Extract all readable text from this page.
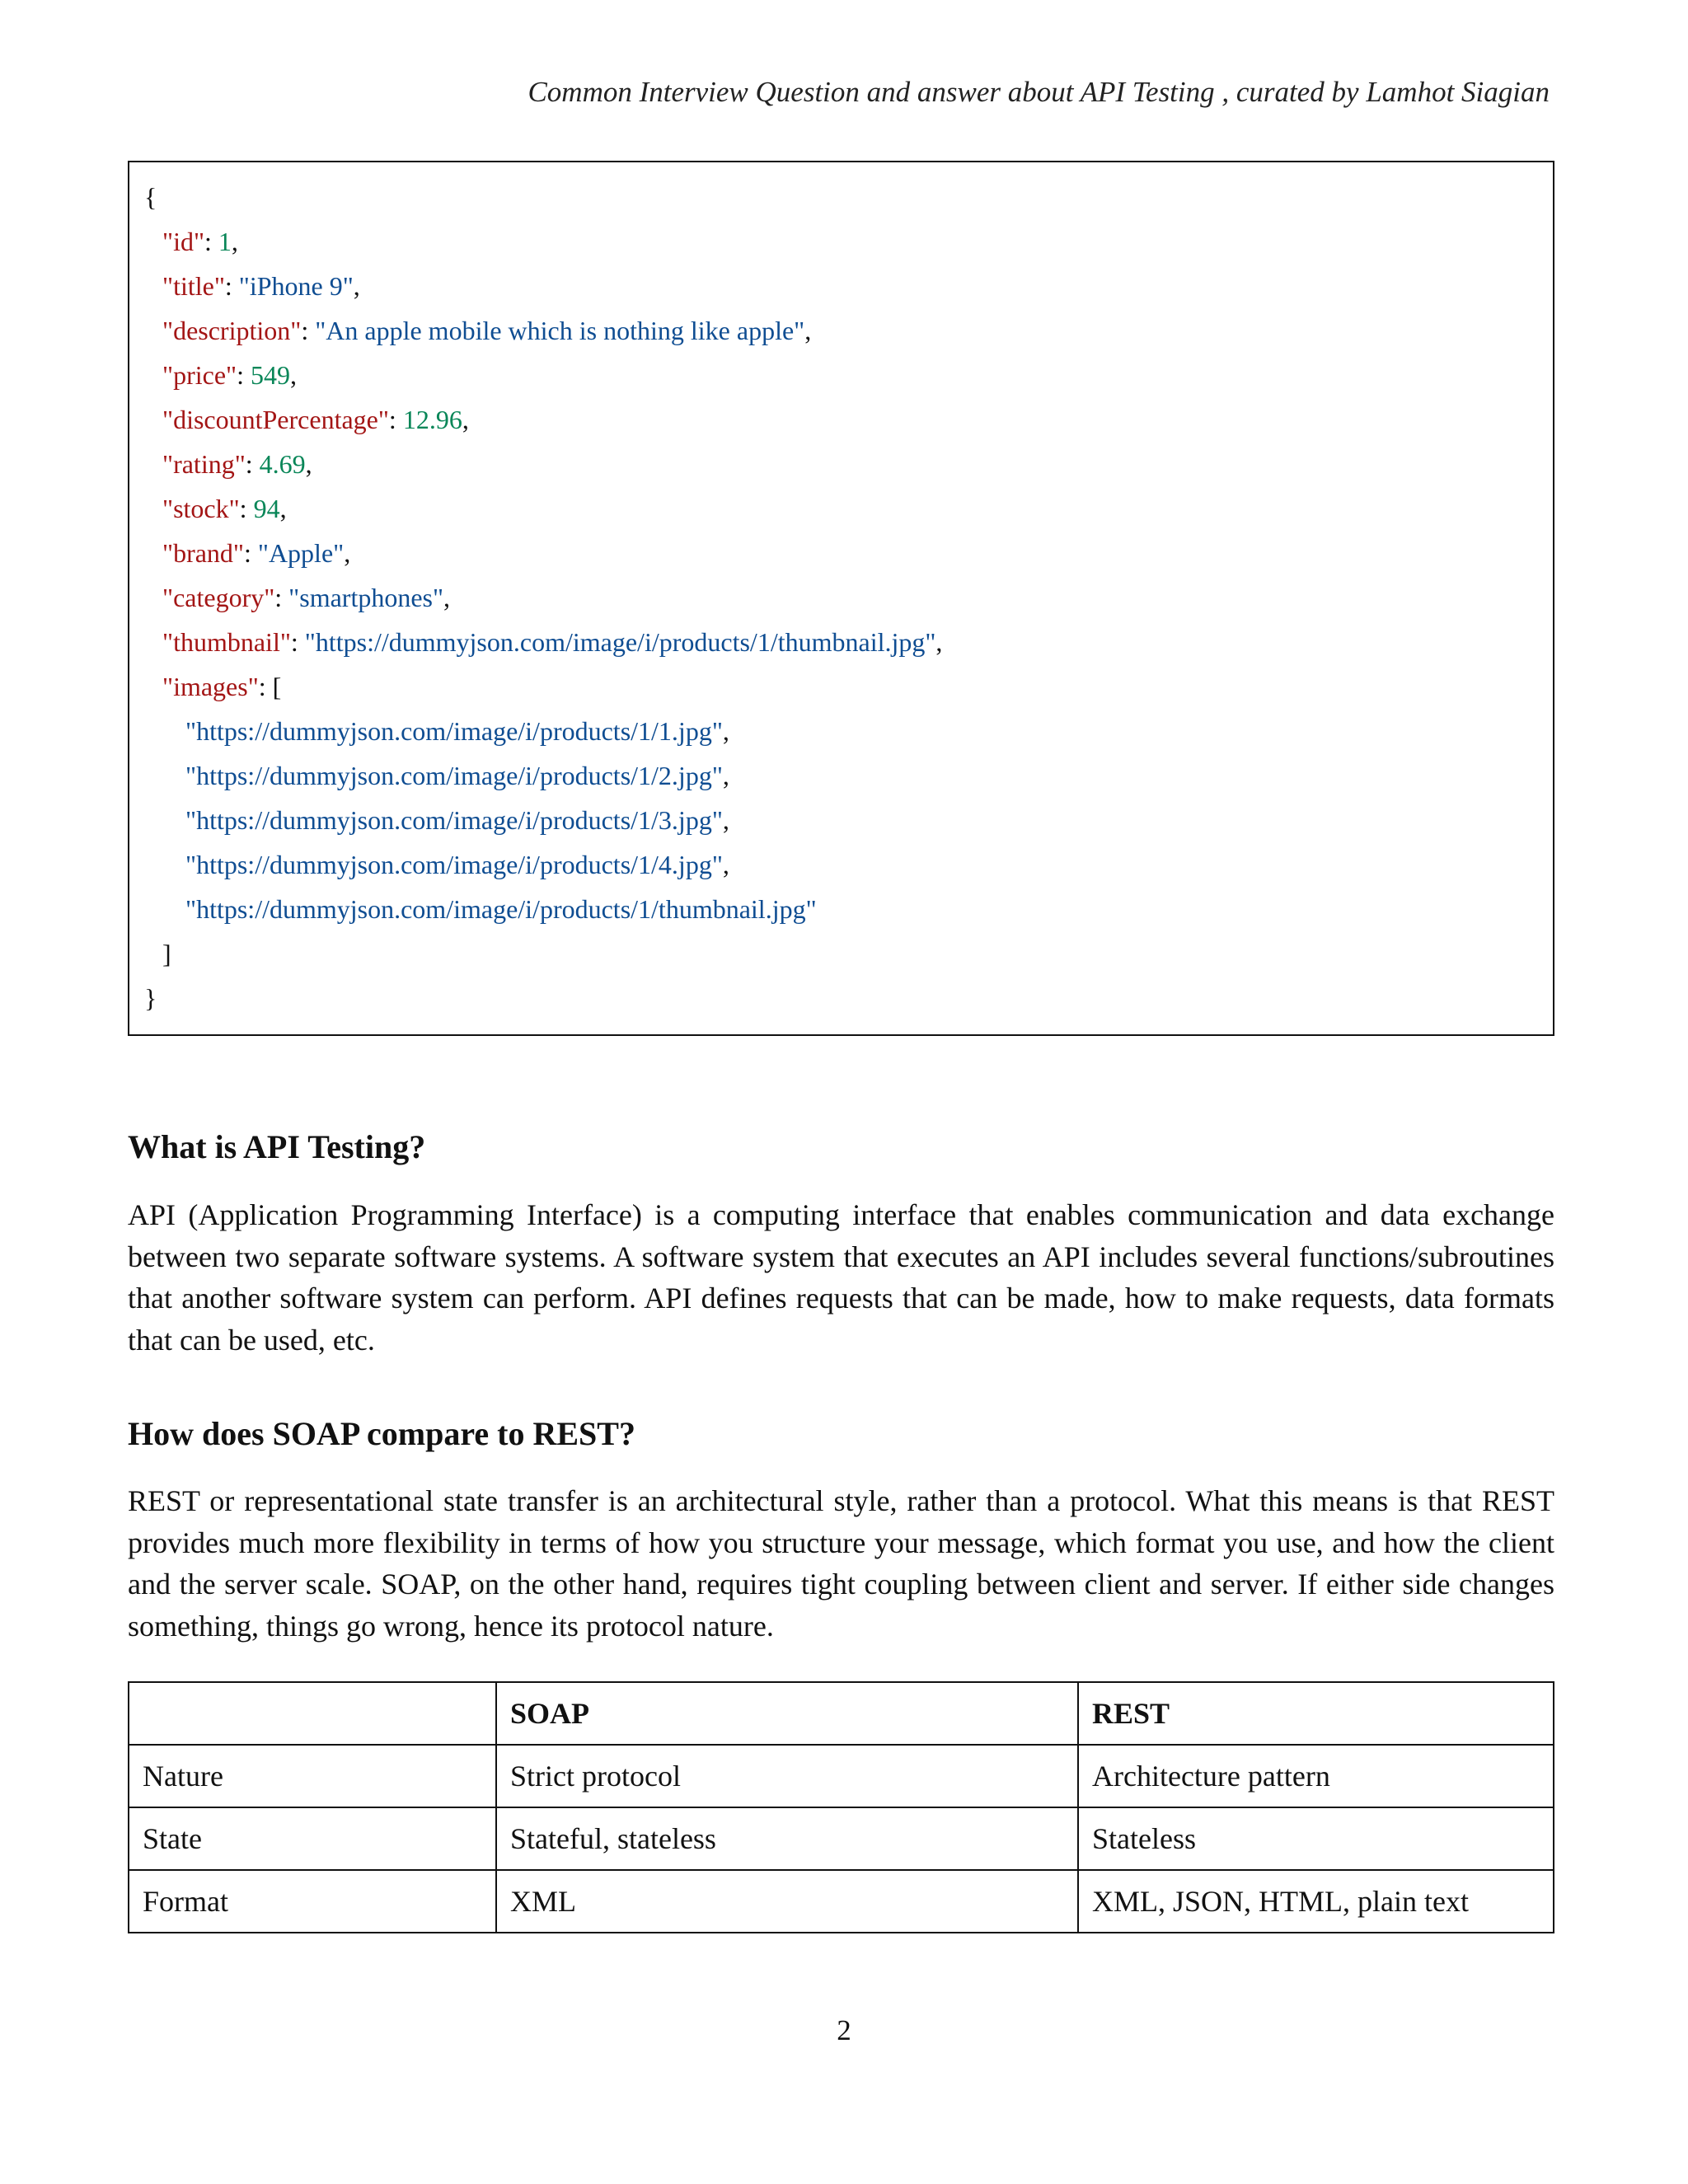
Common Interview Question and answer about API Testing , curated by Lamhot Siagian
{
"id": 1,
"title": "iPhone 9",
"description": "An apple mobile which is nothing like apple",
"price": 549,
"discountPercentage": 12.96,
"rating": 4.69,
"stock": 94,
"brand": "Apple",
"category": "smartphones",
"thumbnail": "https://dummyjson.com/image/i/products/1/thumbnail.jpg",
"images": [
"https://dummyjson.com/image/i/products/1/1.jpg",
"https://dummyjson.com/image/i/products/1/2.jpg",
"https://dummyjson.com/image/i/products/1/3.jpg",
"https://dummyjson.com/image/i/products/1/4.jpg",
"https://dummyjson.com/image/i/products/1/thumbnail.jpg"
]
}
What is API Testing?

API (Application Programming Interface) is a computing interface that enables communication and data exchange between two separate software systems. A software system that executes an API includes several functions/subroutines that another software system can perform. API defines requests that can be made, how to make requests, data formats that can be used, etc.

How does SOAP compare to REST?

REST or representational state transfer is an architectural style, rather than a protocol. What this means is that REST provides much more flexibility in terms of how you structure your message, which format you use, and how the client and the server scale. SOAP, on the other hand, requires tight coupling between client and server. If either side changes something, things go wrong, hence its protocol nature.

	SOAP	REST
Nature	Strict protocol	Architecture pattern
State	Stateful, stateless	Stateless
Format	XML	XML, JSON, HTML, plain text
2
